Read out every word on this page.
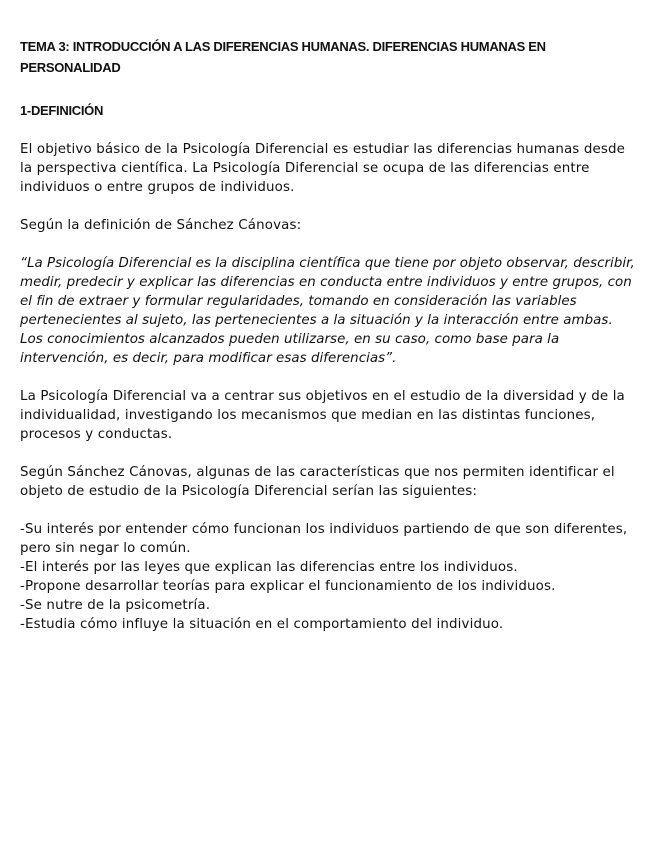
TEMA 3: INTRODUCCIÓN A LAS DIFERENCIAS HUMANAS. DIFERENCIAS HUMANAS EN PERSONALIDAD
1-DEFINICIÓN

El objetivo básico de la Psicología Diferencial es estudiar las diferencias humanas desde la perspectiva científica. La Psicología Diferencial se ocupa de las diferencias entre individuos o entre grupos de individuos.

Según la definición de Sánchez Cánovas:

“La Psicología Diferencial es la disciplina científica que tiene por objeto observar, describir, medir, predecir y explicar las diferencias en conducta entre individuos y entre grupos, con el fin de extraer y formular regularidades, tomando en consideración las variables pertenecientes al sujeto, las pertenecientes a la situación y la interacción entre ambas. Los conocimientos alcanzados pueden utilizarse, en su caso, como base para la intervención, es decir, para modificar esas diferencias”.

La Psicología Diferencial va a centrar sus objetivos en el estudio de la diversidad y de la individualidad, investigando los mecanismos que median en las distintas funciones, procesos y conductas.

Según Sánchez Cánovas, algunas de las características que nos permiten identificar el objeto de estudio de la Psicología Diferencial serían las siguientes:

-Su interés por entender cómo funcionan los individuos partiendo de que son diferentes, pero sin negar lo común.
-El interés por las leyes que explican las diferencias entre los individuos.
-Propone desarrollar teorías para explicar el funcionamiento de los individuos.
-Se nutre de la psicometría.
-Estudia cómo influye la situación en el comportamiento del individuo.
